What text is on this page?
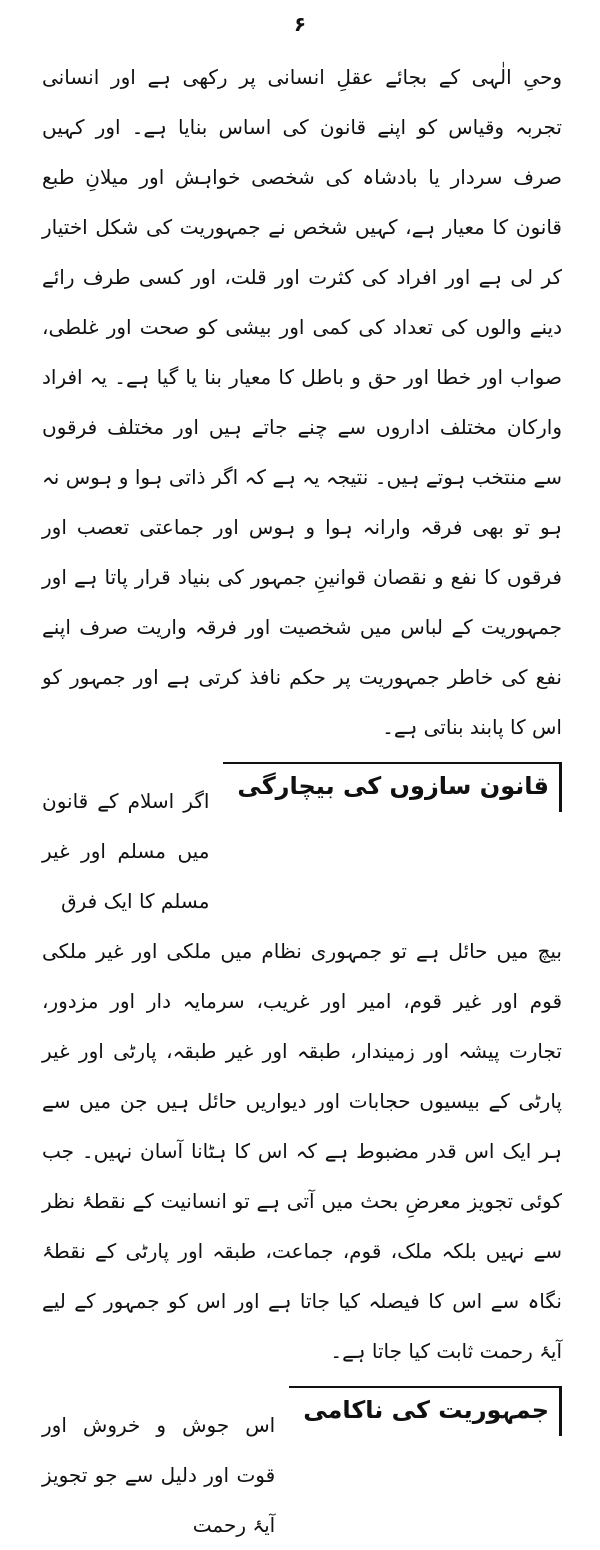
۶

وحیِ الٰہی کے بجائے عقلِ انسانی پر رکھی ہے اور انسانی تجربہ وقیاس کو اپنے قانون کی اساس بنایا ہے۔ اور کہیں صرف سردار یا بادشاہ کی شخصی خواہش اور میلانِ طبع قانون کا معیار ہے، کہیں شخص نے جمہوریت کی شکل اختیار کر لی ہے اور افراد کی کثرت اور قلت، اور کسی طرف رائے دینے والوں کی تعداد کی کمی اور بیشی کو صحت اور غلطی، صواب اور خطا اور حق و باطل کا معیار بنا یا گیا ہے۔ یہ افراد وارکان مختلف اداروں سے چنے جاتے ہیں اور مختلف فرقوں سے منتخب ہوتے ہیں۔ نتیجہ یہ ہے کہ اگر ذاتی ہوا و ہوس نہ ہو تو بھی فرقہ وارانہ ہوا و ہوس اور جماعتی تعصب اور فرقوں کا نفع و نقصان قوانینِ جمہور کی بنیاد قرار پاتا ہے اور جمہوریت کے لباس میں شخصیت اور فرقہ واریت صرف اپنے نفع کی خاطر جمہوریت پر حکم نافذ کرتی ہے اور جمہور کو اس کا پابند بناتی ہے۔

قانون سازوں کی بیچارگی
اگر اسلام کے قانون میں مسلم اور غیر مسلم کا ایک فرق

بیچ میں حائل ہے تو جمہوری نظام میں ملکی اور غیر ملکی قوم اور غیر قوم، امیر اور غریب، سرمایہ دار اور مزدور، تجارت پیشہ اور زمیندار، طبقہ اور غیر طبقہ، پارٹی اور غیر پارٹی کے بیسیوں حجابات اور دیواریں حائل ہیں جن میں سے ہر ایک اس قدر مضبوط ہے کہ اس کا ہٹانا آسان نہیں۔ جب کوئی تجویز معرضِ بحث میں آتی ہے تو انسانیت کے نقطۂ نظر سے نہیں بلکہ ملک، قوم، جماعت، طبقہ اور پارٹی کے نقطۂ نگاہ سے اس کا فیصلہ کیا جاتا ہے اور اس کو جمہور کے لیے آیۂ رحمت ثابت کیا جاتا ہے۔

جمہوریت کی ناکامی
اس جوش و خروش اور قوت اور دلیل سے جو تجویز آیۂ رحمت
